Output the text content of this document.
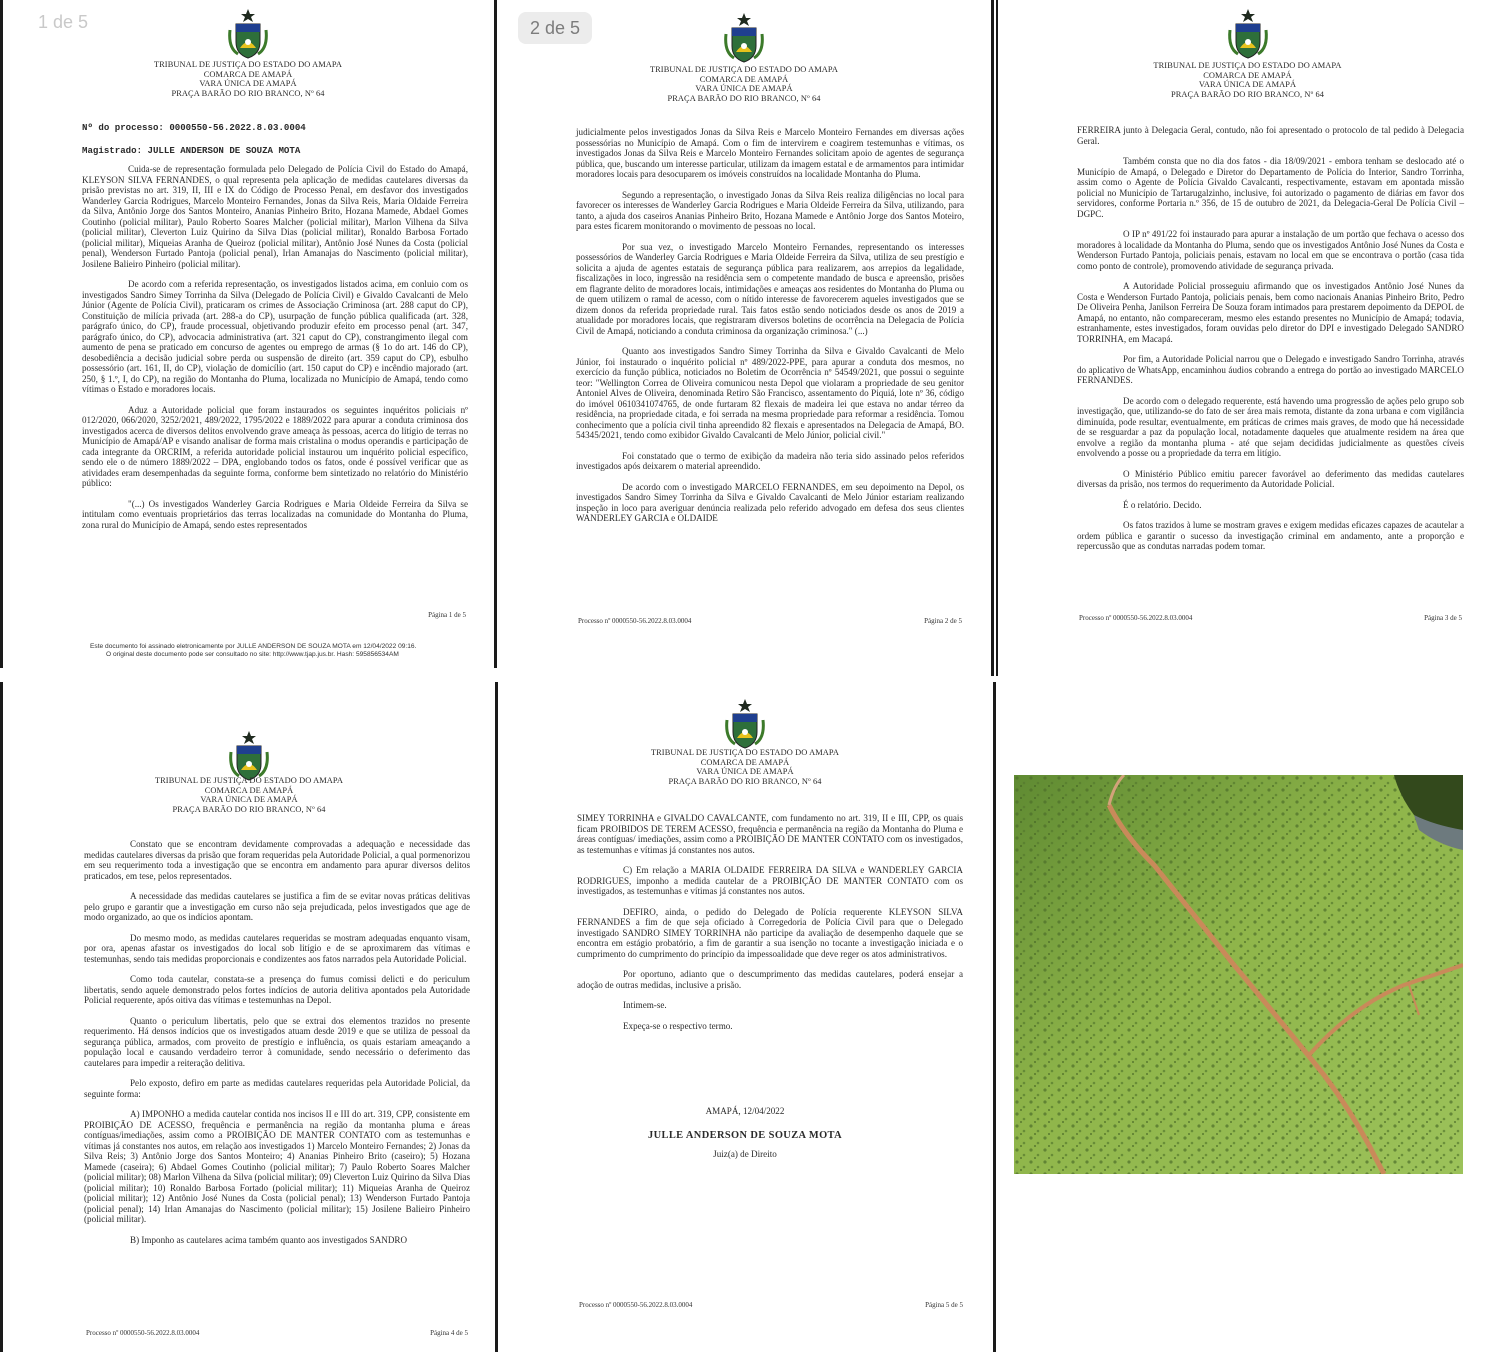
1 de 5
TRIBUNAL DE JUSTIÇA DO ESTADO DO AMAPA
COMARCA DE AMAPÁ
VARA ÚNICA DE AMAPÁ
PRAÇA BARÃO DO RIO BRANCO, Nº 64
Nº do processo: 0000550-56.2022.8.03.0004
Magistrado: JULLE ANDERSON DE SOUZA MOTA

Cuida-se de representação formulada pelo Delegado de Polícia Civil do Estado do Amapá, KLEYSON SILVA FERNANDES, o qual representa pela aplicação de medidas cautelares diversas da prisão previstas no art. 319, II, III e IX do Código de Processo Penal, em desfavor dos investigados Wanderley Garcia Rodrigues, Marcelo Monteiro Fernandes, Jonas da Silva Reis, Maria Oldaide Ferreira da Silva, Antônio Jorge dos Santos Monteiro, Ananias Pinheiro Brito, Hozana Mamede, Abdael Gomes Coutinho (policial militar), Paulo Roberto Soares Malcher (policial militar), Marlon Vilhena da Silva (policial militar), Cleverton Luiz Quirino da Silva Dias (policial militar), Ronaldo Barbosa Fortado (policial militar), Miqueias Aranha de Queiroz (policial militar), Antônio José Nunes da Costa (policial penal), Wenderson Furtado Pantoja (policial penal), Irlan Amanajas do Nascimento (policial militar), Josilene Balieiro Pinheiro (policial militar).

De acordo com a referida representação, os investigados listados acima, em conluio com os investigados Sandro Simey Torrinha da Silva (Delegado de Polícia Civil) e Givaldo Cavalcanti de Melo Júnior (Agente de Polícia Civil), praticaram os crimes de Associação Criminosa (art. 288 caput do CP), Constituição de milícia privada (art. 288-a do CP), usurpação de função pública qualificada (art. 328, parágrafo único, do CP), fraude processual, objetivando produzir efeito em processo penal (art. 347, parágrafo único, do CP), advocacia administrativa (art. 321 caput do CP), constrangimento ilegal com aumento de pena se praticado em concurso de agentes ou emprego de armas (§ 1o do art. 146 do CP), desobediência a decisão judicial sobre perda ou suspensão de direito (art. 359 caput do CP), esbulho possessório (art. 161, II, do CP), violação de domicílio (art. 150 caput do CP) e incêndio majorado (art. 250, § 1.º, I, do CP), na região do Montanha do Pluma, localizada no Município de Amapá, tendo como vítimas o Estado e moradores locais.

Aduz a Autoridade policial que foram instaurados os seguintes inquéritos policiais nº 012/2020, 066/2020, 3252/2021, 489/2022, 1795/2022 e 1889/2022 para apurar a conduta criminosa dos investigados acerca de diversos delitos envolvendo grave ameaça às pessoas, acerca do litígio de terras no Município de Amapá/AP e visando analisar de forma mais cristalina o modus operandis e participação de cada integrante da ORCRIM, a referida autoridade policial instaurou um inquérito policial específico, sendo ele o de número 1889/2022 – DPA, englobando todos os fatos, onde é possível verificar que as atividades eram desempenhadas da seguinte forma, conforme bem sintetizado no relatório do Ministério público:

"(...) Os investigados Wanderley Garcia Rodrigues e Maria Oldeide Ferreira da Silva se intitulam como eventuais proprietários das terras localizadas na comunidade do Montanha do Pluma, zona rural do Município de Amapá, sendo estes representados

Página 1 de 5
Este documento foi assinado eletronicamente por JULLE ANDERSON DE SOUZA MOTA em 12/04/2022 09:16.
O original deste documento pode ser consultado no site: http://www.tjap.jus.br. Hash: 595856534AM
2 de 5
TRIBUNAL DE JUSTIÇA DO ESTADO DO AMAPA
COMARCA DE AMAPÁ
VARA ÚNICA DE AMAPÁ
PRAÇA BARÃO DO RIO BRANCO, Nº 64

judicialmente pelos investigados Jonas da Silva Reis e Marcelo Monteiro Fernandes em diversas ações possessórias no Município de Amapá. Com o fim de intervirem e coagirem testemunhas e vítimas, os investigados Jonas da Silva Reis e Marcelo Monteiro Fernandes solicitam apoio de agentes de segurança pública, que, buscando um interesse particular, utilizam da imagem estatal e de armamentos para intimidar moradores locais para desocuparem os imóveis construídos na localidade Montanha do Pluma.

Segundo a representação, o investigado Jonas da Silva Reis realiza diligências no local para favorecer os interesses de Wanderley Garcia Rodrigues e Maria Oldeide Ferreira da Silva, utilizando, para tanto, a ajuda dos caseiros Ananias Pinheiro Brito, Hozana Mamede e Antônio Jorge dos Santos Moteiro, para estes ficarem monitorando o movimento de pessoas no local.

Por sua vez, o investigado Marcelo Monteiro Fernandes, representando os interesses possessórios de Wanderley Garcia Rodrigues e Maria Oldeide Ferreira da Silva, utiliza de seu prestígio e solicita a ajuda de agentes estatais de segurança pública para realizarem, aos arrepios da legalidade, fiscalizações in loco, ingressão na residência sem o competente mandado de busca e apreensão, prisões em flagrante delito de moradores locais, intimidações e ameaças aos residentes do Montanha do Pluma ou de quem utilizem o ramal de acesso, com o nítido interesse de favorecerem aqueles investigados que se dizem donos da referida propriedade rural. Tais fatos estão sendo noticiados desde os anos de 2019 a atualidade por moradores locais, que registraram diversos boletins de ocorrência na Delegacia de Polícia Civil de Amapá, noticiando a conduta criminosa da organização criminosa." (...)

Quanto aos investigados Sandro Simey Torrinha da Silva e Givaldo Cavalcanti de Melo Júnior, foi instaurado o inquérito policial nº 489/2022-PPE, para apurar a conduta dos mesmos, no exercício da função pública, noticiados no Boletim de Ocorrência nº 54549/2021, que possui o seguinte teor: "Wellington Correa de Oliveira comunicou nesta Depol que violaram a propriedade de seu genitor Antoniel Alves de Oliveira, denominada Retiro São Francisco, assentamento do Piquiá, lote nº 36, código do imóvel 0610341074765, de onde furtaram 82 flexais de madeira lei que estava no andar térreo da residência, na propriedade citada, e foi serrada na mesma propriedade para reformar a residência. Tomou conhecimento que a polícia civil tinha apreendido 82 flexais e apresentados na Delegacia de Amapá, BO. 54345/2021, tendo como exibidor Givaldo Cavalcanti de Melo Júnior, policial civil."

Foi constatado que o termo de exibição da madeira não teria sido assinado pelos referidos investigados após deixarem o material apreendido.

De acordo com o investigado MARCELO FERNANDES, em seu depoimento na Depol, os investigados Sandro Simey Torrinha da Silva e Givaldo Cavalcanti de Melo Júnior estariam realizando inspeção in loco para averiguar denúncia realizada pelo referido advogado em defesa dos seus clientes WANDERLEY GARCIA e OLDAIDE

Processo nº 0000550-56.2022.8.03.0004	Página 2 de 5
TRIBUNAL DE JUSTIÇA DO ESTADO DO AMAPA
COMARCA DE AMAPÁ
VARA ÚNICA DE AMAPÁ
PRAÇA BARÃO DO RIO BRANCO, Nº 64

FERREIRA junto à Delegacia Geral, contudo, não foi apresentado o protocolo de tal pedido à Delegacia Geral.

Também consta que no dia dos fatos - dia 18/09/2021 - embora tenham se deslocado até o Município de Amapá, o Delegado e Diretor do Departamento de Polícia do Interior, Sandro Torrinha, assim como o Agente de Polícia Givaldo Cavalcanti, respectivamente, estavam em apontada missão policial no Município de Tartarugalzinho, inclusive, foi autorizado o pagamento de diárias em favor dos servidores, conforme Portaria n.º 356, de 15 de outubro de 2021, da Delegacia-Geral De Polícia Civil – DGPC.

O IP nº 491/22 foi instaurado para apurar a instalação de um portão que fechava o acesso dos moradores à localidade da Montanha do Pluma, sendo que os investigados Antônio José Nunes da Costa e Wenderson Furtado Pantoja, policiais penais, estavam no local em que se encontrava o portão (casa tida como ponto de controle), promovendo atividade de segurança privada.

A Autoridade Policial prosseguiu afirmando que os investigados Antônio José Nunes da Costa e Wenderson Furtado Pantoja, policiais penais, bem como nacionais Ananias Pinheiro Brito, Pedro De Oliveira Penha, Janilson Ferreira De Souza foram intimados para prestarem depoimento da DEPOL de Amapá, no entanto, não compareceram, mesmo eles estando presentes no Município de Amapá; todavia, estranhamente, estes investigados, foram ouvidas pelo diretor do DPI e investigado Delegado SANDRO TORRINHA, em Macapá.

Por fim, a Autoridade Policial narrou que o Delegado e investigado Sandro Torrinha, através do aplicativo de WhatsApp, encaminhou áudios cobrando a entrega do portão ao investigado MARCELO FERNANDES.

De acordo com o delegado requerente, está havendo uma progressão de ações pelo grupo sob investigação, que, utilizando-se do fato de ser área mais remota, distante da zona urbana e com vigilância diminuída, pode resultar, eventualmente, em práticas de crimes mais graves, de modo que há necessidade de se resguardar a paz da população local, notadamente daqueles que atualmente residem na área que envolve a região da montanha pluma - até que sejam decididas judicialmente as questões cíveis envolvendo a posse ou a propriedade da terra em litígio.

O Ministério Público emitiu parecer favorável ao deferimento das medidas cautelares diversas da prisão, nos termos do requerimento da Autoridade Policial.

É o relatório. Decido.

Os fatos trazidos à lume se mostram graves e exigem medidas eficazes capazes de acautelar a ordem pública e garantir o sucesso da investigação criminal em andamento, ante a proporção e repercussão que as condutas narradas podem tomar.

Processo nº 0000550-56.2022.8.03.0004	Página 3 de 5
TRIBUNAL DE JUSTIÇA DO ESTADO DO AMAPA
COMARCA DE AMAPÁ
VARA ÚNICA DE AMAPÁ
PRAÇA BARÃO DO RIO BRANCO, Nº 64

Constato que se encontram devidamente comprovadas a adequação e necessidade das medidas cautelares diversas da prisão que foram requeridas pela Autoridade Policial, a qual pormenorizou em seu requerimento toda a investigação que se encontra em andamento para apurar diversos delitos praticados, em tese, pelos representados.

A necessidade das medidas cautelares se justifica a fim de se evitar novas práticas delitivas pelo grupo e garantir que a investigação em curso não seja prejudicada, pelos investigados que age de modo organizado, ao que os indícios apontam.

Do mesmo modo, as medidas cautelares requeridas se mostram adequadas enquanto visam, por ora, apenas afastar os investigados do local sob litígio e de se aproximarem das vítimas e testemunhas, sendo tais medidas proporcionais e condizentes aos fatos narrados pela Autoridade Policial.

Como toda cautelar, constata-se a presença do fumus comissi delicti e do periculum libertatis, sendo aquele demonstrado pelos fortes indícios de autoria delitiva apontados pela Autoridade Policial requerente, após oitiva das vítimas e testemunhas na Depol.

Quanto o periculum libertatis, pelo que se extrai dos elementos trazidos no presente requerimento. Há densos indícios que os investigados atuam desde 2019 e que se utiliza de pessoal da segurança pública, armados, com proveito de prestígio e influência, os quais estariam ameaçando a população local e causando verdadeiro terror à comunidade, sendo necessário o deferimento das cautelares para impedir a reiteração delitiva.

Pelo exposto, defiro em parte as medidas cautelares requeridas pela Autoridade Policial, da seguinte forma:

A) IMPONHO a medida cautelar contida nos incisos II e III do art. 319, CPP, consistente em PROIBIÇÃO DE ACESSO, frequência e permanência na região da montanha pluma e áreas contíguas/imediações, assim como a PROIBIÇÃO DE MANTER CONTATO com as testemunhas e vítimas já constantes nos autos, em relação aos investigados 1) Marcelo Monteiro Fernandes; 2) Jonas da Silva Reis; 3) Antônio Jorge dos Santos Monteiro; 4) Ananias Pinheiro Brito (caseiro); 5) Hozana Mamede (caseira); 6) Abdael Gomes Coutinho (policial militar); 7) Paulo Roberto Soares Malcher (policial militar); 08) Marlon Vilhena da Silva (policial militar); 09) Cleverton Luiz Quirino da Silva Dias (policial militar); 10) Ronaldo Barbosa Fortado (policial militar); 11) Miqueias Aranha de Queiroz (policial militar); 12) Antônio José Nunes da Costa (policial penal); 13) Wenderson Furtado Pantoja (policial penal); 14) Irlan Amanajas do Nascimento (policial militar); 15) Josilene Balieiro Pinheiro (policial militar).

B) Imponho as cautelares acima também quanto aos investigados SANDRO

Processo nº 0000550-56.2022.8.03.0004	Página 4 de 5
TRIBUNAL DE JUSTIÇA DO ESTADO DO AMAPA
COMARCA DE AMAPÁ
VARA ÚNICA DE AMAPÁ
PRAÇA BARÃO DO RIO BRANCO, Nº 64

SIMEY TORRINHA e GIVALDO CAVALCANTE, com fundamento no art. 319, II e III, CPP, os quais ficam PROIBIDOS DE TEREM ACESSO, frequência e permanência na região da Montanha do Pluma e áreas contíguas/ imediações, assim como a PROIBIÇÃO DE MANTER CONTATO com os investigados, as testemunhas e vítimas já constantes nos autos.

C) Em relação a MARIA OLDAIDE FERREIRA DA SILVA e WANDERLEY GARCIA RODRIGUES, imponho a medida cautelar de a PROIBIÇÃO DE MANTER CONTATO com os investigados, as testemunhas e vítimas já constantes nos autos.

DEFIRO, ainda, o pedido do Delegado de Polícia requerente KLEYSON SILVA FERNANDES a fim de que seja oficiado à Corregedoria de Polícia Civil para que o Delegado investigado SANDRO SIMEY TORRINHA não participe da avaliação de desempenho daquele que se encontra em estágio probatório, a fim de garantir a sua isenção no tocante a investigação iniciada e o cumprimento do cumprimento do princípio da impessoalidade que deve reger os atos administrativos.

Por oportuno, adianto que o descumprimento das medidas cautelares, poderá ensejar a adoção de outras medidas, inclusive a prisão.

Intimem-se.
Expeça-se o respectivo termo.
AMAPÁ, 12/04/2022
JULLE ANDERSON DE SOUZA MOTA
Juiz(a) de Direito
Processo nº 0000550-56.2022.8.03.0004	Página 5 de 5
